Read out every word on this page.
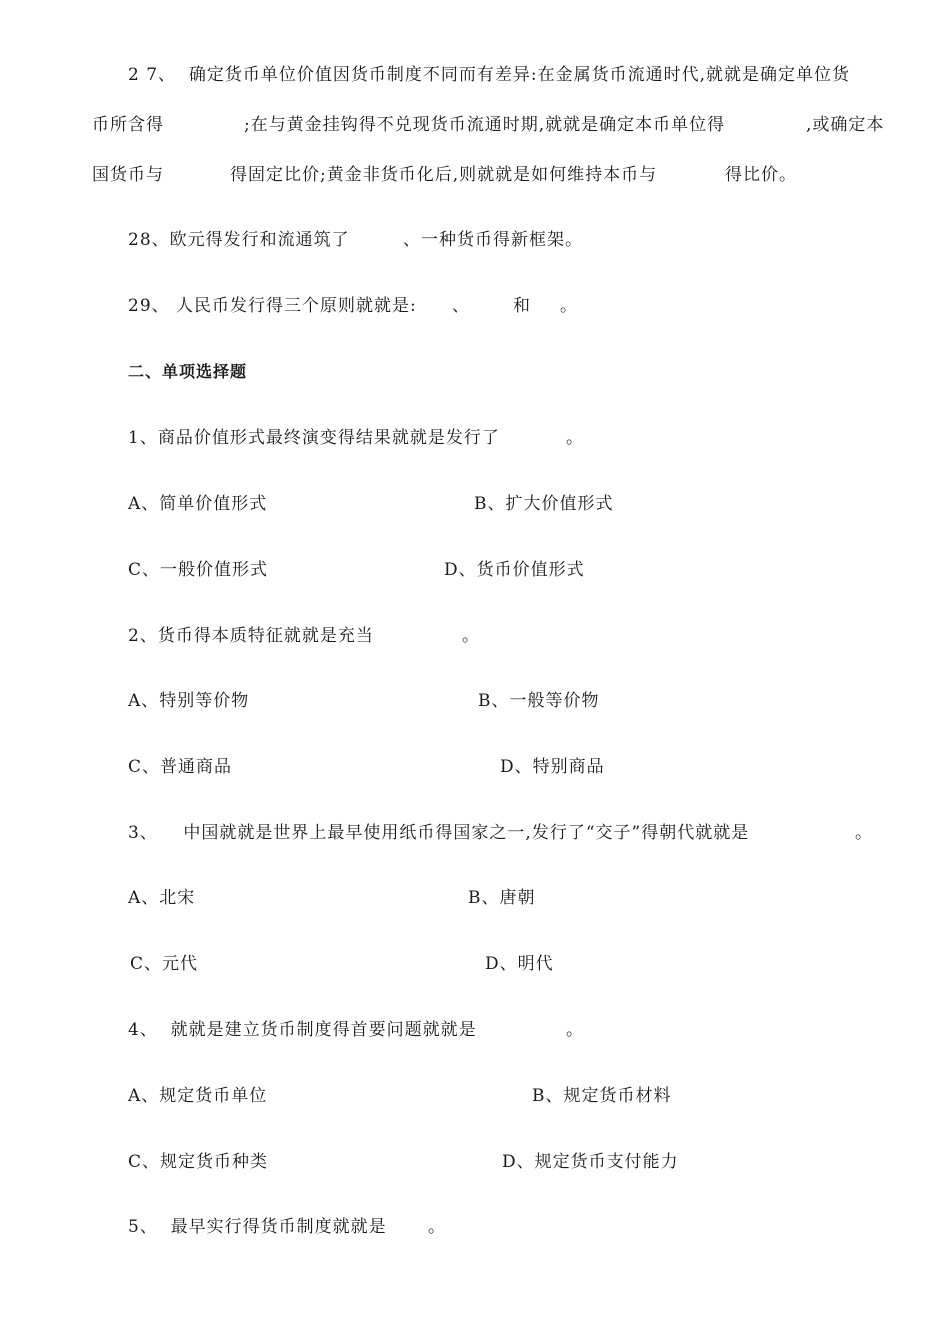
2 7、  确定货币单位价值因货币制度不同而有差异:在金属货币流通时代,就就是确定单位货
币所含得	;在与黄金挂钩得不兑现货币流通时期,就就是确定本币单位得	,或确定本
国货币与	得固定比价;黄金非货币化后,则就就是如何维持本币与	得比价。
28、欧元得发行和流通筑了	、一种货币得新框架。
29、 人民币发行得三个原则就就是: 、	和 。
二、单项选择题
1、商品价值形式最终演变得结果就就是发行了	。
A、简单价值形式	B、扩大价值形式
C、一般价值形式	D、货币价值形式
2、货币得本质特征就就是充当	。
A、特别等价物	B、一般等价物
C、普通商品	D、特别商品
3、    中国就就是世界上最早使用纸币得国家之一,发行了“交子”得朝代就就是	。
A、北宋	B、唐朝
C、元代	D、明代
4、  就就是建立货币制度得首要问题就就是	。
A、规定货币单位	B、规定货币材料
C、规定货币种类	D、规定货币支付能力
5、  最早实行得货币制度就就是 。
